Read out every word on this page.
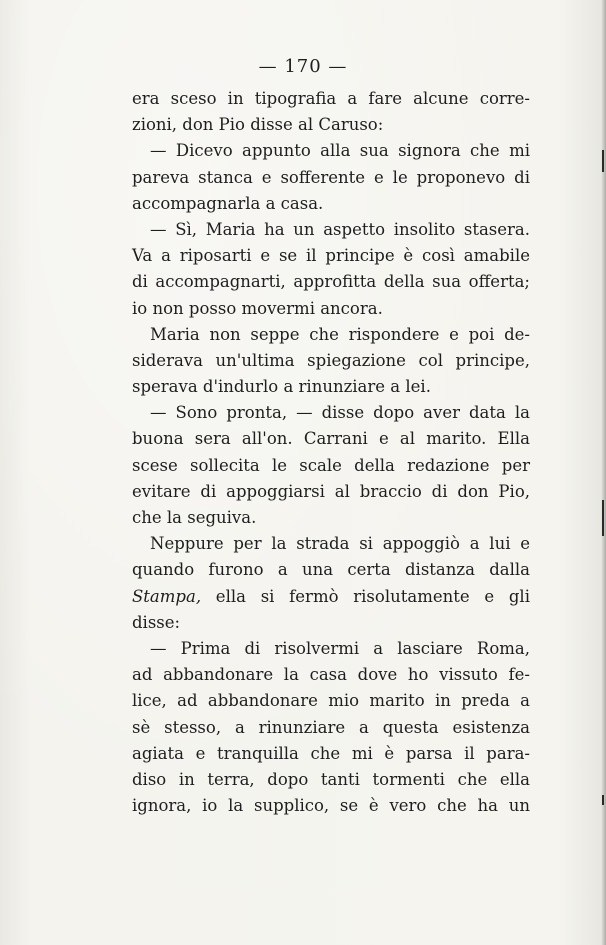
— 170 —
era sceso in tipografia a fare alcune corre-
zioni, don Pio disse al Caruso:
— Dicevo appunto alla sua signora che mi
pareva stanca e sofferente e le proponevo di
accompagnarla a casa.
— Sì, Maria ha un aspetto insolito stasera.
Va a riposarti e se il principe è così amabile
di accompagnarti, approfitta della sua offerta;
io non posso movermi ancora.
Maria non seppe che rispondere e poi de-
siderava un'ultima spiegazione col principe,
sperava d'indurlo a rinunziare a lei.
— Sono pronta, — disse dopo aver data la
buona sera all'on. Carrani e al marito. Ella
scese sollecita le scale della redazione per
evitare di appoggiarsi al braccio di don Pio,
che la seguiva.
Neppure per la strada si appoggiò a lui e
quando furono a una certa distanza dalla
Stampa, ella si fermò risolutamente e gli
disse:
— Prima di risolvermi a lasciare Roma,
ad abbandonare la casa dove ho vissuto fe-
lice, ad abbandonare mio marito in preda a
sè stesso, a rinunziare a questa esistenza
agiata e tranquilla che mi è parsa il para-
diso in terra, dopo tanti tormenti che ella
ignora, io la supplico, se è vero che ha un
